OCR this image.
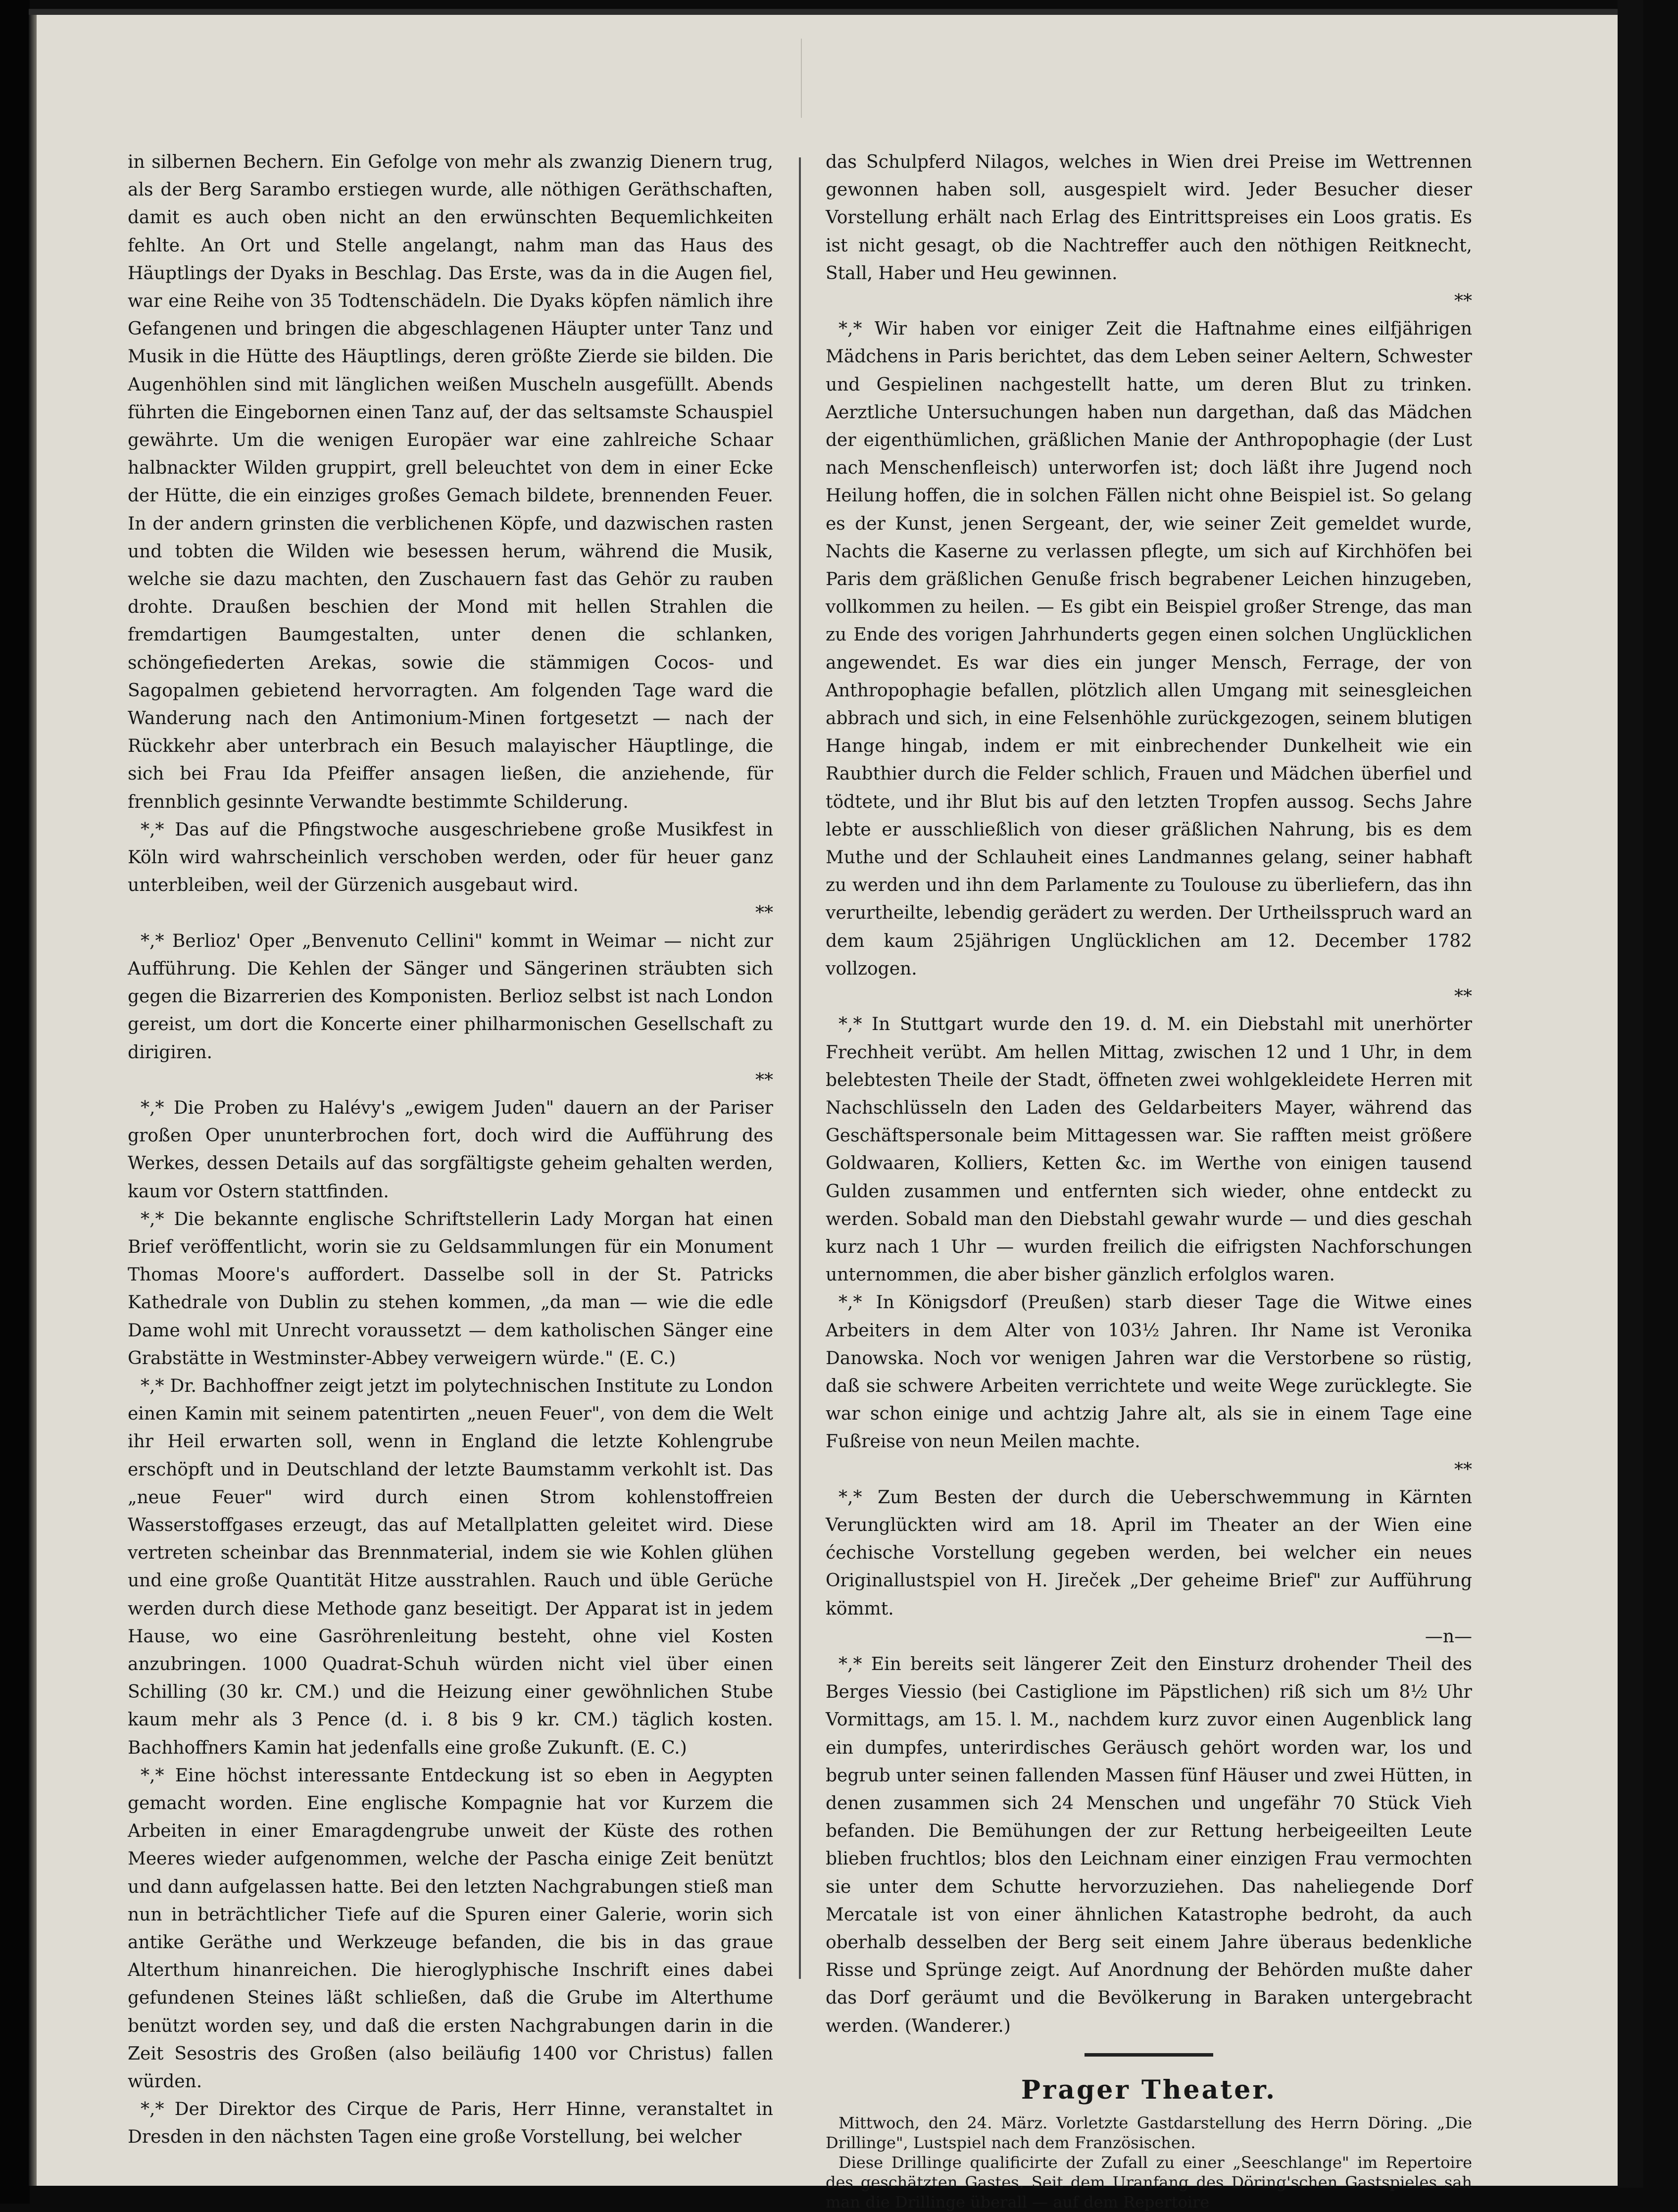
in silbernen Bechern. Ein Gefolge von mehr als zwanzig Dienern trug, als der Berg Sarambo erstiegen wurde, alle nöthigen Geräthschaften, damit es auch oben nicht an den erwünschten Bequemlichkeiten fehlte. An Ort und Stelle angelangt, nahm man das Haus des Häuptlings der Dyaks in Beschlag. Das Erste, was da in die Augen fiel, war eine Reihe von 35 Todtenschädeln. Die Dyaks köpfen nämlich ihre Gefangenen und bringen die abgeschlagenen Häupter unter Tanz und Musik in die Hütte des Häuptlings, deren größte Zierde sie bilden. Die Augenhöhlen sind mit länglichen weißen Muscheln ausgefüllt. Abends führten die Eingebornen einen Tanz auf, der das seltsamste Schauspiel gewährte. Um die wenigen Europäer war eine zahlreiche Schaar halbnackter Wilden gruppirt, grell beleuchtet von dem in einer Ecke der Hütte, die ein einziges großes Gemach bildete, brennenden Feuer. In der andern grinsten die verblichenen Köpfe, und dazwischen rasten und tobten die Wilden wie besessen herum, während die Musik, welche sie dazu machten, den Zuschauern fast das Gehör zu rauben drohte. Draußen beschien der Mond mit hellen Strahlen die fremdartigen Baumgestalten, unter denen die schlanken, schöngefiederten Arekas, sowie die stämmigen Cocos- und Sagopalmen gebietend hervorragten. Am folgenden Tage ward die Wanderung nach den Antimonium-Minen fortgesetzt — nach der Rückkehr aber unterbrach ein Besuch malayischer Häuptlinge, die sich bei Frau Ida Pfeiffer ansagen ließen, die anziehende, für frennblich gesinnte Verwandte bestimmte Schilderung.

*,* Das auf die Pfingstwoche ausgeschriebene große Musikfest in Köln wird wahrscheinlich verschoben werden, oder für heuer ganz unterbleiben, weil der Gürzenich ausgebaut wird.

**

*,* Berlioz' Oper „Benvenuto Cellini" kommt in Weimar — nicht zur Aufführung. Die Kehlen der Sänger und Sängerinen sträubten sich gegen die Bizarrerien des Komponisten. Berlioz selbst ist nach London gereist, um dort die Koncerte einer philharmonischen Gesellschaft zu dirigiren.

**

*,* Die Proben zu Halévy's „ewigem Juden" dauern an der Pariser großen Oper ununterbrochen fort, doch wird die Aufführung des Werkes, dessen Details auf das sorgfältigste geheim gehalten werden, kaum vor Ostern stattfinden.

*,* Die bekannte englische Schriftstellerin Lady Morgan hat einen Brief veröffentlicht, worin sie zu Geldsammlungen für ein Monument Thomas Moore's auffordert. Dasselbe soll in der St. Patricks Kathedrale von Dublin zu stehen kommen, „da man — wie die edle Dame wohl mit Unrecht voraussetzt — dem katholischen Sänger eine Grabstätte in Westminster-Abbey verweigern würde." (E. C.)

*,* Dr. Bachhoffner zeigt jetzt im polytechnischen Institute zu London einen Kamin mit seinem patentirten „neuen Feuer", von dem die Welt ihr Heil erwarten soll, wenn in England die letzte Kohlengrube erschöpft und in Deutschland der letzte Baumstamm verkohlt ist. Das „neue Feuer" wird durch einen Strom kohlenstoffreien Wasserstoffgases erzeugt, das auf Metallplatten geleitet wird. Diese vertreten scheinbar das Brennmaterial, indem sie wie Kohlen glühen und eine große Quantität Hitze ausstrahlen. Rauch und üble Gerüche werden durch diese Methode ganz beseitigt. Der Apparat ist in jedem Hause, wo eine Gasröhrenleitung besteht, ohne viel Kosten anzubringen. 1000 Quadrat-Schuh würden nicht viel über einen Schilling (30 kr. CM.) und die Heizung einer gewöhnlichen Stube kaum mehr als 3 Pence (d. i. 8 bis 9 kr. CM.) täglich kosten. Bachhoffners Kamin hat jedenfalls eine große Zukunft. (E. C.)

*,* Eine höchst interessante Entdeckung ist so eben in Aegypten gemacht worden. Eine englische Kompagnie hat vor Kurzem die Arbeiten in einer Emaragdengrube unweit der Küste des rothen Meeres wieder aufgenommen, welche der Pascha einige Zeit benützt und dann aufgelassen hatte. Bei den letzten Nachgrabungen stieß man nun in beträchtlicher Tiefe auf die Spuren einer Galerie, worin sich antike Geräthe und Werkzeuge befanden, die bis in das graue Alterthum hinanreichen. Die hieroglyphische Inschrift eines dabei gefundenen Steines läßt schließen, daß die Grube im Alterthume benützt worden sey, und daß die ersten Nachgrabungen darin in die Zeit Sesostris des Großen (also beiläufig 1400 vor Christus) fallen würden.

*,* Der Direktor des Cirque de Paris, Herr Hinne, veranstaltet in Dresden in den nächsten Tagen eine große Vorstellung, bei welcher

das Schulpferd Nilagos, welches in Wien drei Preise im Wettrennen gewonnen haben soll, ausgespielt wird. Jeder Besucher dieser Vorstellung erhält nach Erlag des Eintrittspreises ein Loos gratis. Es ist nicht gesagt, ob die Nachtreffer auch den nöthigen Reitknecht, Stall, Haber und Heu gewinnen.

**

*,* Wir haben vor einiger Zeit die Haftnahme eines eilfjährigen Mädchens in Paris berichtet, das dem Leben seiner Aeltern, Schwester und Gespielinen nachgestellt hatte, um deren Blut zu trinken. Aerztliche Untersuchungen haben nun dargethan, daß das Mädchen der eigenthümlichen, gräßlichen Manie der Anthropophagie (der Lust nach Menschenfleisch) unterworfen ist; doch läßt ihre Jugend noch Heilung hoffen, die in solchen Fällen nicht ohne Beispiel ist. So gelang es der Kunst, jenen Sergeant, der, wie seiner Zeit gemeldet wurde, Nachts die Kaserne zu verlassen pflegte, um sich auf Kirchhöfen bei Paris dem gräßlichen Genuße frisch begrabener Leichen hinzugeben, vollkommen zu heilen. — Es gibt ein Beispiel großer Strenge, das man zu Ende des vorigen Jahrhunderts gegen einen solchen Unglücklichen angewendet. Es war dies ein junger Mensch, Ferrage, der von Anthropophagie befallen, plötzlich allen Umgang mit seinesgleichen abbrach und sich, in eine Felsenhöhle zurückgezogen, seinem blutigen Hange hingab, indem er mit einbrechender Dunkelheit wie ein Raubthier durch die Felder schlich, Frauen und Mädchen überfiel und tödtete, und ihr Blut bis auf den letzten Tropfen aussog. Sechs Jahre lebte er ausschließlich von dieser gräßlichen Nahrung, bis es dem Muthe und der Schlauheit eines Landmannes gelang, seiner habhaft zu werden und ihn dem Parlamente zu Toulouse zu überliefern, das ihn verurtheilte, lebendig gerädert zu werden. Der Urtheilsspruch ward an dem kaum 25jährigen Unglücklichen am 12. December 1782 vollzogen.

**

*,* In Stuttgart wurde den 19. d. M. ein Diebstahl mit unerhörter Frechheit verübt. Am hellen Mittag, zwischen 12 und 1 Uhr, in dem belebtesten Theile der Stadt, öffneten zwei wohlgekleidete Herren mit Nachschlüsseln den Laden des Geldarbeiters Mayer, während das Geschäftspersonale beim Mittagessen war. Sie rafften meist größere Goldwaaren, Kolliers, Ketten &c. im Werthe von einigen tausend Gulden zusammen und entfernten sich wieder, ohne entdeckt zu werden. Sobald man den Diebstahl gewahr wurde — und dies geschah kurz nach 1 Uhr — wurden freilich die eifrigsten Nachforschungen unternommen, die aber bisher gänzlich erfolglos waren.

*,* In Königsdorf (Preußen) starb dieser Tage die Witwe eines Arbeiters in dem Alter von 103½ Jahren. Ihr Name ist Veronika Danowska. Noch vor wenigen Jahren war die Verstorbene so rüstig, daß sie schwere Arbeiten verrichtete und weite Wege zurücklegte. Sie war schon einige und achtzig Jahre alt, als sie in einem Tage eine Fußreise von neun Meilen machte.

**

*,* Zum Besten der durch die Ueberschwemmung in Kärnten Verunglückten wird am 18. April im Theater an der Wien eine ćechische Vorstellung gegeben werden, bei welcher ein neues Originallustspiel von H. Jireček „Der geheime Brief" zur Aufführung kömmt.

—n—

*,* Ein bereits seit längerer Zeit den Einsturz drohender Theil des Berges Viessio (bei Castiglione im Päpstlichen) riß sich um 8½ Uhr Vormittags, am 15. l. M., nachdem kurz zuvor einen Augenblick lang ein dumpfes, unterirdisches Geräusch gehört worden war, los und begrub unter seinen fallenden Massen fünf Häuser und zwei Hütten, in denen zusammen sich 24 Menschen und ungefähr 70 Stück Vieh befanden. Die Bemühungen der zur Rettung herbeigeeilten Leute blieben fruchtlos; blos den Leichnam einer einzigen Frau vermochten sie unter dem Schutte hervorzuziehen. Das naheliegende Dorf Mercatale ist von einer ähnlichen Katastrophe bedroht, da auch oberhalb desselben der Berg seit einem Jahre überaus bedenkliche Risse und Sprünge zeigt. Auf Anordnung der Behörden mußte daher das Dorf geräumt und die Bevölkerung in Baraken untergebracht werden. (Wanderer.)

Prager Theater.

Mittwoch, den 24. März. Vorletzte Gastdarstellung des Herrn Döring. „Die Drillinge", Lustspiel nach dem Französischen.

Diese Drillinge qualificirte der Zufall zu einer „Seeschlange" im Repertoire des geschätzten Gastes. Seit dem Uranfang des Döring'schen Gastspieles sah man die Drillinge überall — auf dem Repertoire
